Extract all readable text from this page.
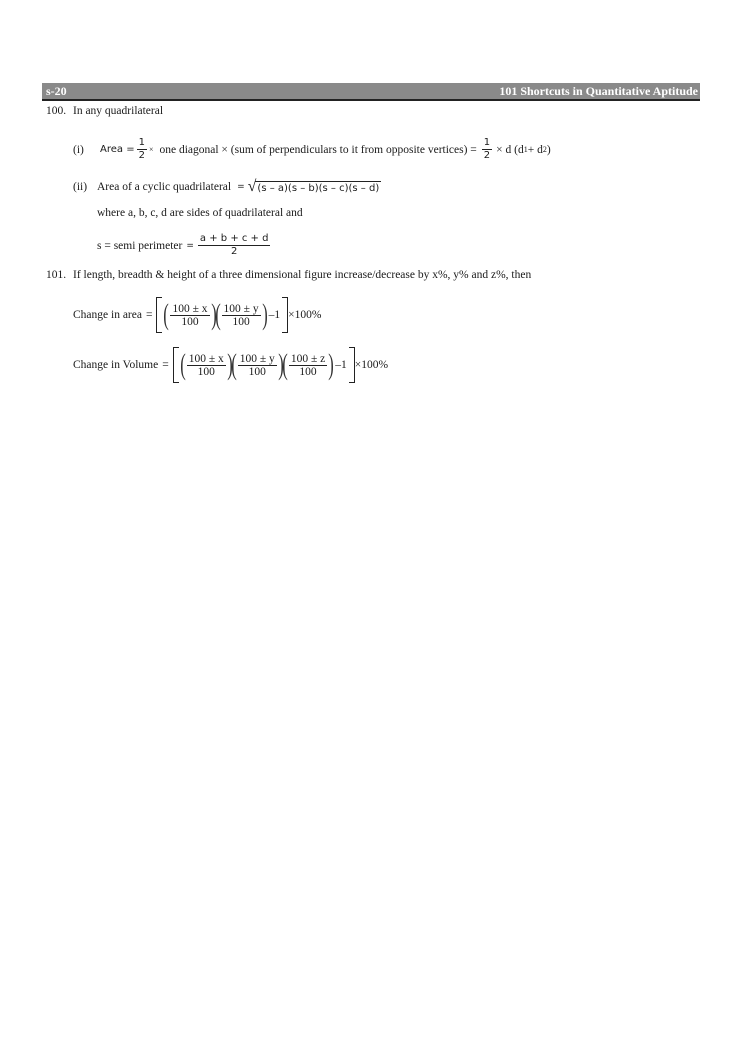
s-20	101 Shortcuts in Quantitative Aptitude
100. In any quadrilateral
(i)	Area = $\frac{1}{2}$ × one diagonal × (sum of perpendiculars to it from opposite vertices) = $\frac{1}{2} \times d$ (d 1 + d 2 )
(ii) Area of a cyclic quadrilateral = √ (s – a)(s – b)(s – c)(s – d)
where a, b, c, d are sides of quadrilateral and
s = semi perimeter = $\frac{a + b + c + d}{2}$
101. If length, breadth & height of a three dimensional figure increase/decrease by x%, y% and z%, then
Change in area = ( $\frac{100 \pm x}{100}$ )
( $\frac{100 \pm y}{100}$ ) –1 ×100%
Change in Volume = ( $\frac{100 \pm x}{100}$ )
( $\frac{100 \pm y}{100}$ )
( $\frac{100 \pm z}{100}$ ) –1 ×100%
